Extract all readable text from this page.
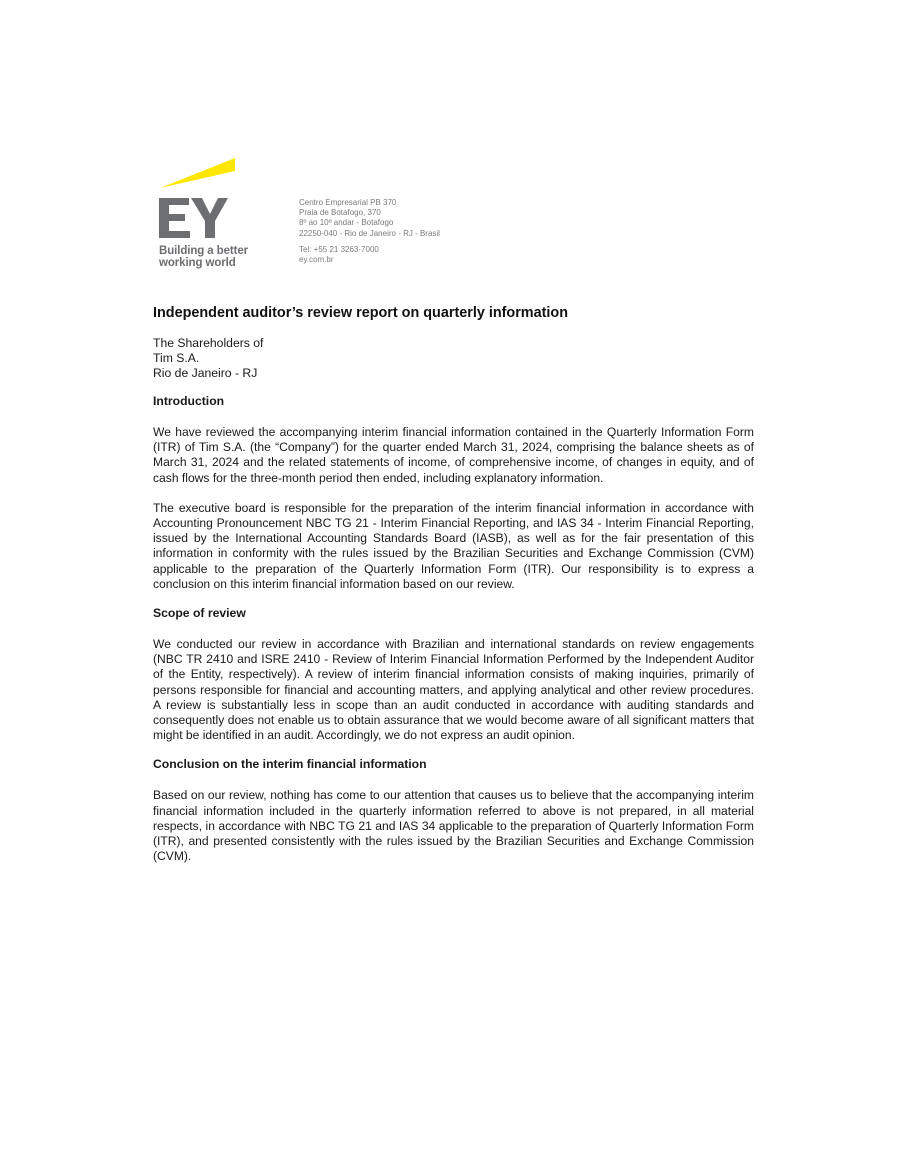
Building a better
working world
Centro Empresarial PB 370
Praia de Botafogo, 370
8º ao 10º andar - Botafogo
22250-040 - Rio de Janeiro - RJ - Brasil
Tel: +55 21 3263-7000
ey.com.br
Independent auditor’s review report on quarterly information
The Shareholders of
Tim S.A.
Rio de Janeiro - RJ
Introduction

We have reviewed the accompanying interim financial information contained in the Quarterly Information Form (ITR) of Tim S.A. (the “Company”) for the quarter ended March 31, 2024, comprising the balance sheets as of March 31, 2024 and the related statements of income, of comprehensive income, of changes in equity, and of cash flows for the three-month period then ended, including explanatory information.

The executive board is responsible for the preparation of the interim financial information in accordance with Accounting Pronouncement NBC TG 21 - Interim Financial Reporting, and IAS 34 - Interim Financial Reporting, issued by the International Accounting Standards Board (IASB), as well as for the fair presentation of this information in conformity with the rules issued by the Brazilian Securities and Exchange Commission (CVM) applicable to the preparation of the Quarterly Information Form (ITR). Our responsibility is to express a conclusion on this interim financial information based on our review.

Scope of review

We conducted our review in accordance with Brazilian and international standards on review engagements (NBC TR 2410 and ISRE 2410 - Review of Interim Financial Information Performed by the Independent Auditor of the Entity, respectively). A review of interim financial information consists of making inquiries, primarily of persons responsible for financial and accounting matters, and applying analytical and other review procedures. A review is substantially less in scope than an audit conducted in accordance with auditing standards and consequently does not enable us to obtain assurance that we would become aware of all significant matters that might be identified in an audit. Accordingly, we do not express an audit opinion.

Conclusion on the interim financial information

Based on our review, nothing has come to our attention that causes us to believe that the accompanying interim financial information included in the quarterly information referred to above is not prepared, in all material respects, in accordance with NBC TG 21 and IAS 34 applicable to the preparation of Quarterly Information Form (ITR), and presented consistently with the rules issued by the Brazilian Securities and Exchange Commission (CVM).
